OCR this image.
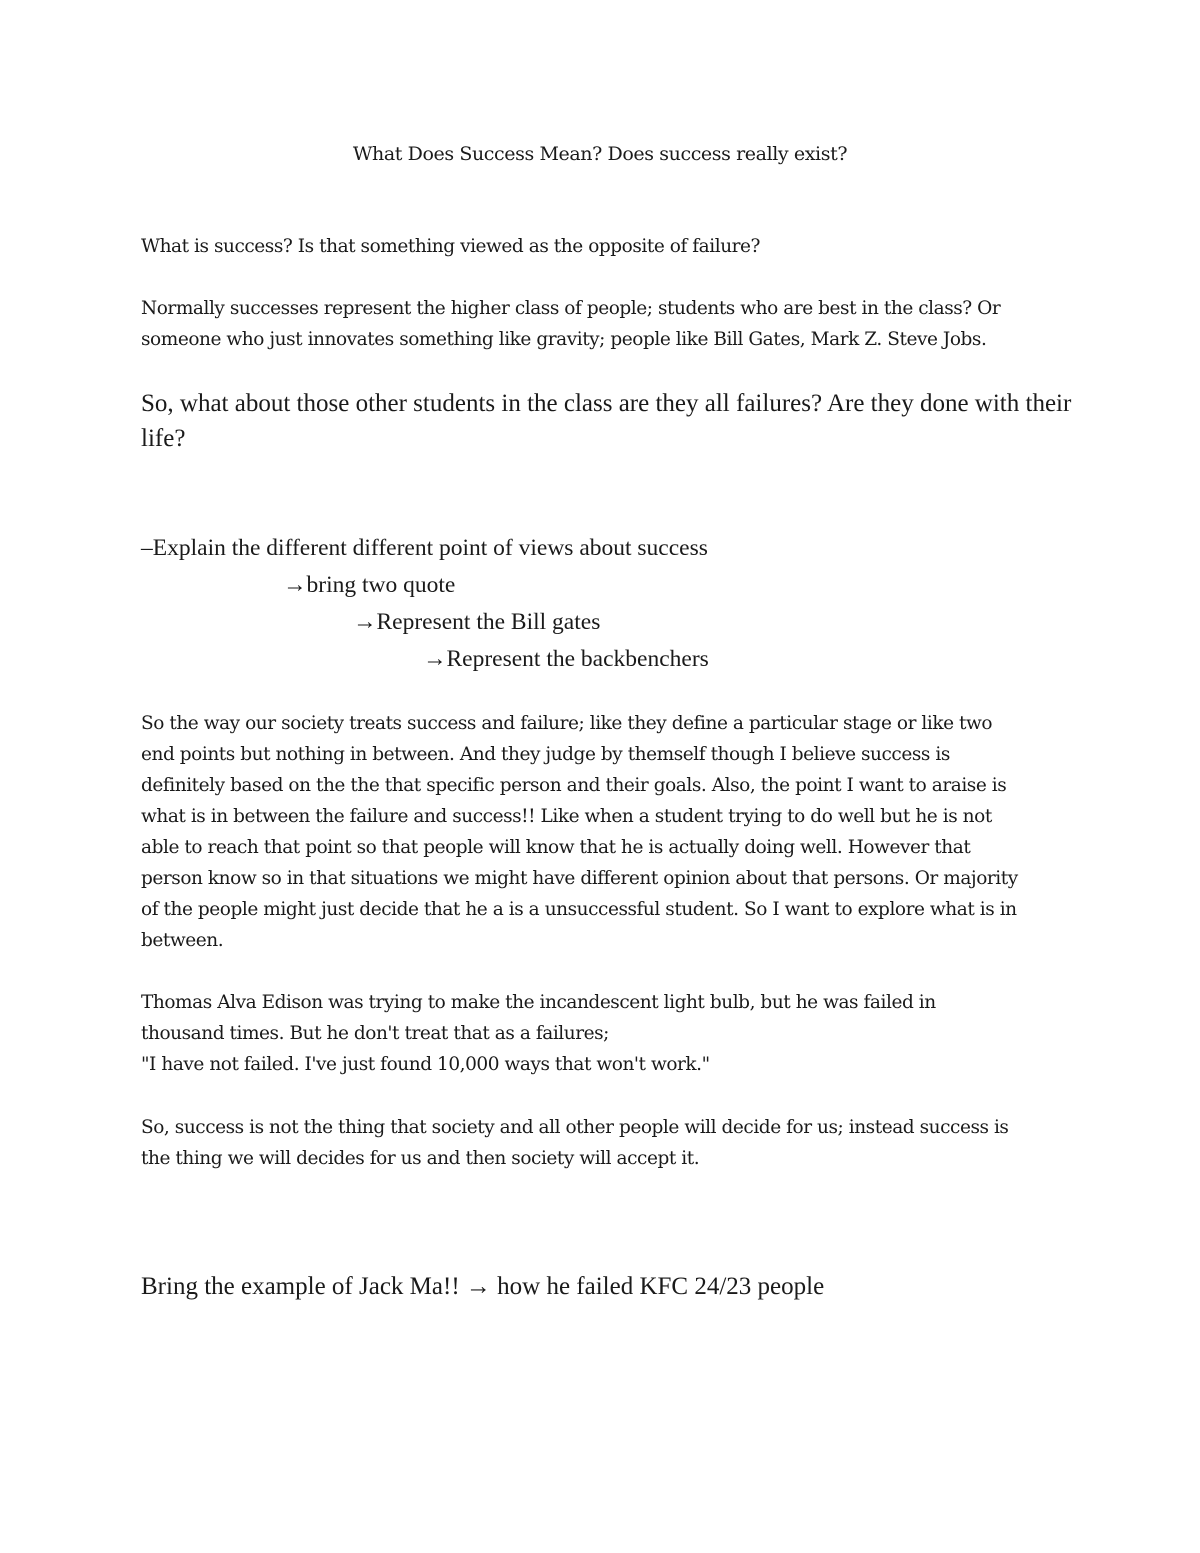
What Does Success Mean? Does success really exist?
What is success? Is that something viewed as the opposite of failure?
Normally successes represent the higher class of people; students who are best in the class? Or
someone who just innovates something like gravity; people like Bill Gates, Mark Z. Steve Jobs.
So, what about those other students in the class are they all failures? Are they done with their
life?
–Explain the different different point of views about success
→bring two quote
→Represent the Bill gates
→Represent the backbenchers
So the way our society treats success and failure; like they define a particular stage or like two
end points but nothing in between. And they judge by themself though I believe success is
definitely based on the the that specific person and their goals. Also, the point I want to araise is
what is in between the failure and success!! Like when a student trying to do well but he is not
able to reach that point so that people will know that he is actually doing well. However that
person know so in that situations we might have different opinion about that persons. Or majority
of the people might just decide that he a is a unsuccessful student. So I want to explore what is in
between.
Thomas Alva Edison was trying to make the incandescent light bulb, but he was failed in
thousand times. But he don't treat that as a failures;
"I have not failed. I've just found 10,000 ways that won't work."
So, success is not the thing that society and all other people will decide for us; instead success is
the thing we will decides for us and then society will accept it.
Bring the example of Jack Ma!! → how he failed KFC 24/23 people
